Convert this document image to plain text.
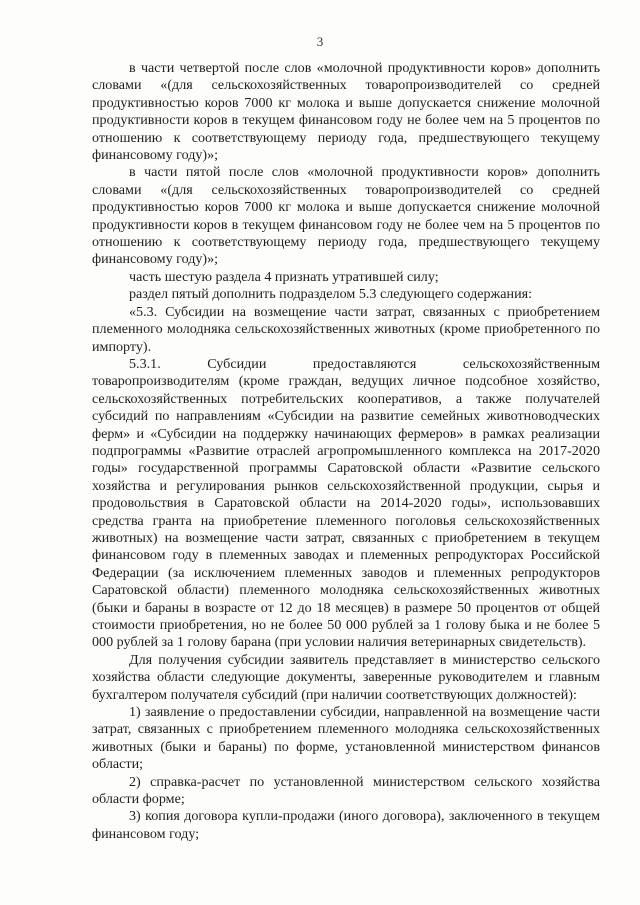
3

в части четвертой после слов «молочной продуктивности коров» дополнить словами «(для сельскохозяйственных товаропроизводителей со средней продуктивностью коров 7000 кг молока и выше допускается снижение молочной продуктивности коров в текущем финансовом году не более чем на 5 процентов по отношению к соответствующему периоду года, предшествующего текущему финансовому году)»;

в части пятой после слов «молочной продуктивности коров» дополнить словами «(для сельскохозяйственных товаропроизводителей со средней продуктивностью коров 7000 кг молока и выше допускается снижение молочной продуктивности коров в текущем финансовом году не более чем на 5 процентов по отношению к соответствующему периоду года, предшествующего текущему финансовому году)»;

часть шестую раздела 4 признать утратившей силу;

раздел пятый дополнить подразделом 5.3 следующего содержания:

«5.3. Субсидии на возмещение части затрат, связанных с приобретением племенного молодняка сельскохозяйственных животных (кроме приобретенного по импорту).

5.3.1. Субсидии предоставляются сельскохозяйственным товаропроизводителям (кроме граждан, ведущих личное подсобное хозяйство, сельскохозяйственных потребительских кооперативов, а также получателей субсидий по направлениям «Субсидии на развитие семейных животноводческих ферм» и «Субсидии на поддержку начинающих фермеров» в рамках реализации подпрограммы «Развитие отраслей агропромышленного комплекса на 2017-2020 годы» государственной программы Саратовской области «Развитие сельского хозяйства и регулирования рынков сельскохозяйственной продукции, сырья и продовольствия в Саратовской области на 2014-2020 годы», использовавших средства гранта на приобретение племенного поголовья сельскохозяйственных животных) на возмещение части затрат, связанных с приобретением в текущем финансовом году в племенных заводах и племенных репродукторах Российской Федерации (за исключением племенных заводов и племенных репродукторов Саратовской области) племенного молодняка сельскохозяйственных животных (быки и бараны в возрасте от 12 до 18 месяцев) в размере 50 процентов от общей стоимости приобретения, но не более 50 000 рублей за 1 голову быка и не более 5 000 рублей за 1 голову барана (при условии наличия ветеринарных свидетельств).

Для получения субсидии заявитель представляет в министерство сельского хозяйства области следующие документы, заверенные руководителем и главным бухгалтером получателя субсидий (при наличии соответствующих должностей):

1) заявление о предоставлении субсидии, направленной на возмещение части затрат, связанных с приобретением племенного молодняка сельскохозяйственных животных (быки и бараны) по форме, установленной министерством финансов области;

2) справка-расчет по установленной министерством сельского хозяйства области форме;

3) копия договора купли-продажи (иного договора), заключенного в текущем финансовом году;
